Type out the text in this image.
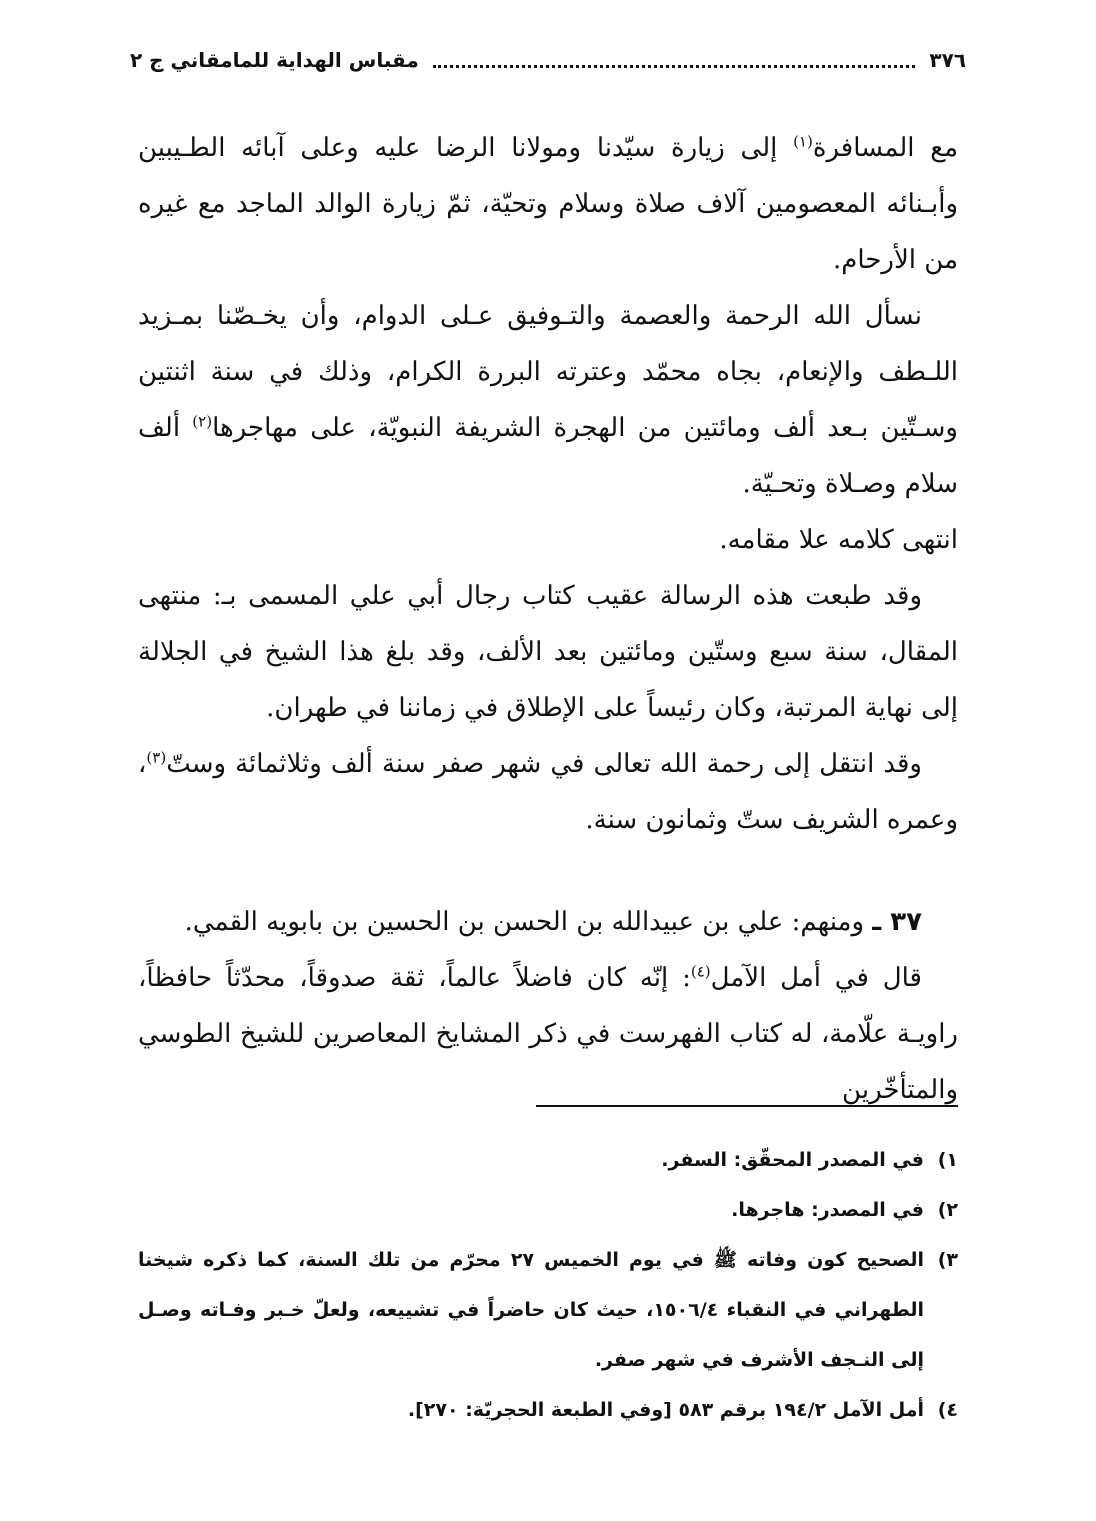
٣٧٦
مقباس الهداية للمامقاني ج ٢

مع المسافرة$^{(١)}$ إلى زيارة سيّدنا ومولانا الرضا عليه وعلى آبائه الطـيبين وأبـنائه المعصومين آلاف صلاة وسلام وتحيّة، ثمّ زيارة الوالد الماجد مع غيره من الأرحام.

نسأل الله الرحمة والعصمة والتـوفيق عـلى الدوام، وأن يخـصّنا بمـزيد اللـطف والإنعام، بجاه محمّد وعترته البررة الكرام، وذلك في سنة اثنتين وسـتّين بـعد ألف ومائتين من الهجرة الشريفة النبويّة، على مهاجرها$^{(٢)}$ ألف سلام وصـلاة وتحـيّة.

انتهى كلامه علا مقامه.

وقد طبعت هذه الرسالة عقيب كتاب رجال أبي علي المسمى بـ: منتهى المقال، سنة سبع وستّين ومائتين بعد الألف، وقد بلغ هذا الشيخ في الجلالة إلى نهاية المرتبة، وكان رئيساً على الإطلاق في زماننا في طهران.

وقد انتقل إلى رحمة الله تعالى في شهر صفر سنة ألف وثلاثمائة وستّ$^{(٣)}$، وعمره الشريف ستّ وثمانون سنة.

٣٧ ـ ومنهم: علي بن عبيدالله بن الحسن بن الحسين بن بابويه القمي.

قال في أمل الآمل$^{(٤)}$: إنّه كان فاضلاً عالماً، ثقة صدوقاً، محدّثاً حافظاً، راويـة علّامة، له كتاب الفهرست في ذكر المشايخ المعاصرين للشيخ الطوسي والمتأخّرين

١)
في المصدر المحقّق: السفر.
٢)
في المصدر: هاجرها.
٣)
الصحيح كون وفاته ﷺ في يوم الخميس ٢٧ محرّم من تلك السنة، كما ذكره شيخنا الطهراني في النقباء ١٥٠٦/٤، حيث كان حاضراً في تشييعه، ولعلّ خـبر وفـاته وصـل إلى النـجف الأشرف في شهر صفر.
٤)
أمل الآمل ١٩٤/٢ برقم ٥٨٣ [وفي الطبعة الحجريّة: ٢٧٠].
